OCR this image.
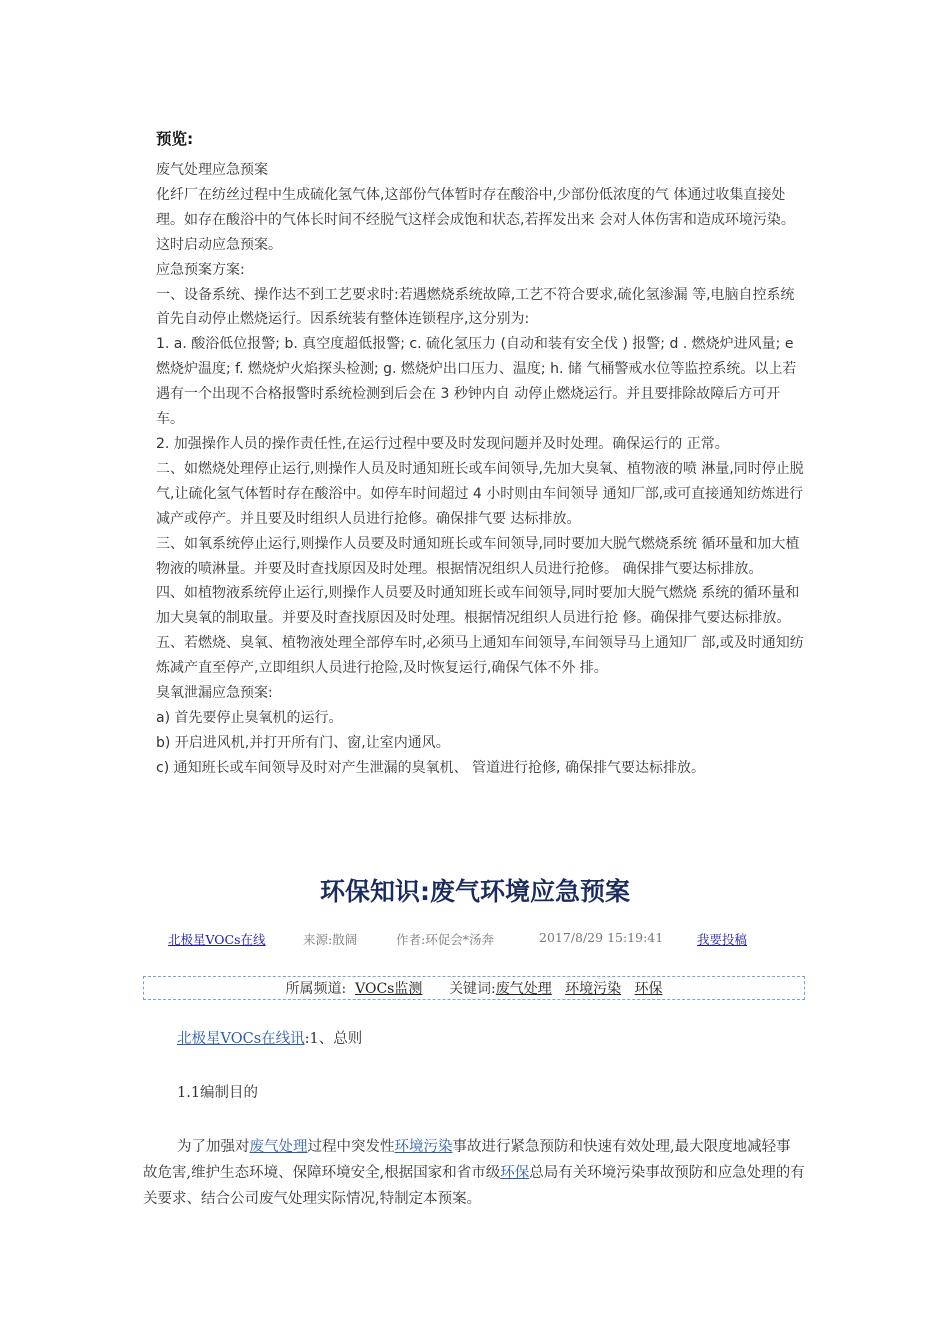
预览:

废气处理应急预案

化纤厂在纺丝过程中生成硫化氢气体,这部份气体暂时存在酸浴中,少部份低浓度的气 体通过收集直接处理。如存在酸浴中的气体长时间不经脱气这样会成饱和状态,若挥发出来 会对人体伤害和造成环境污染。这时启动应急预案。

应急预案方案:

一、设备系统、操作达不到工艺要求时:若遇燃烧系统故障,工艺不符合要求,硫化氢渗漏 等,电脑自控系统首先自动停止燃烧运行。因系统装有整体连锁程序,这分别为:

1. a. 酸浴低位报警; b. 真空度超低报警; c. 硫化氢压力 (自动和装有安全伐 ) 报警; d . 燃烧炉进风量; e 燃烧炉温度; f. 燃烧炉火焰探头检测; g. 燃烧炉出口压力、温度; h. 储 气桶警戒水位等监控系统。以上若遇有一个出现不合格报警时系统检测到后会在 3 秒钟内自 动停止燃烧运行。并且要排除故障后方可开车。

2. 加强操作人员的操作责任性,在运行过程中要及时发现问题并及时处理。确保运行的 正常。

二、如燃烧处理停止运行,则操作人员及时通知班长或车间领导,先加大臭氧、植物液的喷 淋量,同时停止脱气,让硫化氢气体暂时存在酸浴中。如停车时间超过 4 小时则由车间领导 通知厂部,或可直接通知纺炼进行减产或停产。并且要及时组织人员进行抢修。确保排气要 达标排放。

三、如氧系统停止运行,则操作人员要及时通知班长或车间领导,同时要加大脱气燃烧系统 循环量和加大植物液的喷淋量。并要及时查找原因及时处理。根据情况组织人员进行抢修。 确保排气要达标排放。

四、如植物液系统停止运行,则操作人员要及时通知班长或车间领导,同时要加大脱气燃烧 系统的循环量和加大臭氧的制取量。并要及时查找原因及时处理。根据情况组织人员进行抢 修。确保排气要达标排放。

五、若燃烧、臭氧、植物液处理全部停车时,必须马上通知车间领导,车间领导马上通知厂 部,或及时通知纺炼减产直至停产,立即组织人员进行抢险,及时恢复运行,确保气体不外 排。

臭氧泄漏应急预案:

a) 首先要停止臭氧机的运行。

b) 开启进风机,并打开所有门、窗,让室内通风。

c) 通知班长或车间领导及时对产生泄漏的臭氧机、 管道进行抢修, 确保排气要达标排放。

环保知识:废气环境应急预案
北极星VOCs在线	来源:散阔	作者:环促会*汤奔	2017/8/29 15:19:41	我要投稿
所属频道: VOCs监测 关键词:废气处理 环境污染 环保

北极星VOCs在线讯:1、总则

1.1编制目的

为了加强对废气处理过程中突发性环境污染事故进行紧急预防和快速有效处理,最大限度地减轻事故危害,维护生态环境、保障环境安全,根据国家和省市级环保总局有关环境污染事故预防和应急处理的有关要求、结合公司废气处理实际情况,特制定本预案。
